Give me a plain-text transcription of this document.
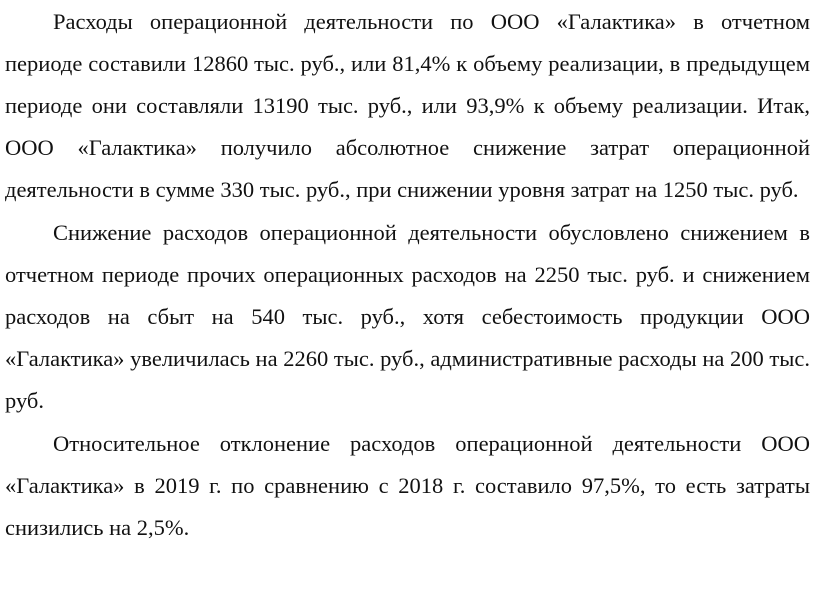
Расходы операционной деятельности по ООО «Галактика» в отчетном периоде составили 12860 тыс. руб., или 81,4% к объему реализации, в предыдущем периоде они составляли 13190 тыс. руб., или 93,9% к объему реализации. Итак, ООО «Галактика» получило абсолютное снижение затрат операционной деятельности в сумме 330 тыс. руб., при снижении уровня затрат на 1250 тыс. руб.

Снижение расходов операционной деятельности обусловлено снижением в отчетном периоде прочих операционных расходов на 2250 тыс. руб. и снижением расходов на сбыт на 540 тыс. руб., хотя себестоимость продукции ООО «Галактика» увеличилась на 2260 тыс. руб., административные расходы на 200 тыс. руб.

Относительное отклонение расходов операционной деятельности ООО «Галактика» в 2019 г. по сравнению с 2018 г. составило 97,5%, то есть затраты снизились на 2,5%.
